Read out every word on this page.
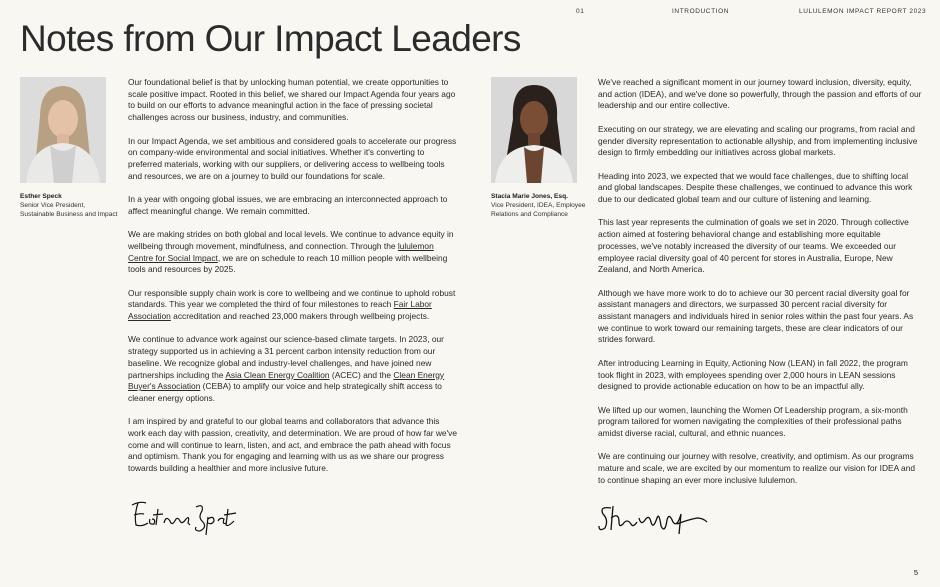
01	INTRODUCTION	LULULEMON IMPACT REPORT 2023
Notes from Our Impact Leaders
Esther Speck
Senior Vice President, Sustainable Business and Impact

Our foundational belief is that by unlocking human potential, we create opportunities to scale positive impact. Rooted in this belief, we shared our Impact Agenda four years ago to build on our efforts to advance meaningful action in the face of pressing societal challenges across our business, industry, and communities.

In our Impact Agenda, we set ambitious and considered goals to accelerate our progress on company-wide environmental and social initiatives. Whether it's converting to preferred materials, working with our suppliers, or delivering access to wellbeing tools and resources, we are on a journey to build our foundations for scale.

In a year with ongoing global issues, we are embracing an interconnected approach to affect meaningful change. We remain committed.

We are making strides on both global and local levels. We continue to advance equity in wellbeing through movement, mindfulness, and connection. Through the lululemon Centre for Social Impact, we are on schedule to reach 10 million people with wellbeing tools and resources by 2025.

Our responsible supply chain work is core to wellbeing and we continue to uphold robust standards. This year we completed the third of four milestones to reach Fair Labor Association accreditation and reached 23,000 makers through wellbeing projects.

We continue to advance work against our science-based climate targets. In 2023, our strategy supported us in achieving a 31 percent carbon intensity reduction from our baseline. We recognize global and industry-level challenges, and have joined new partnerships including the Asia Clean Energy Coalition (ACEC) and the Clean Energy Buyer's Association (CEBA) to amplify our voice and help strategically shift access to cleaner energy options.

I am inspired by and grateful to our global teams and collaborators that advance this work each day with passion, creativity, and determination. We are proud of how far we've come and will continue to learn, listen, and act, and embrace the path ahead with focus and optimism. Thank you for engaging and learning with us as we share our progress towards building a healthier and more inclusive future.

Stacia Marie Jones, Esq.
Vice President, IDEA, Employee Relations and Compliance

We've reached a significant moment in our journey toward inclusion, diversity, equity, and action (IDEA), and we've done so powerfully, through the passion and efforts of our leadership and our entire collective.

Executing on our strategy, we are elevating and scaling our programs, from racial and gender diversity representation to actionable allyship, and from implementing inclusive design to firmly embedding our initiatives across global markets.

Heading into 2023, we expected that we would face challenges, due to shifting local and global landscapes. Despite these challenges, we continued to advance this work due to our dedicated global team and our culture of listening and learning.

This last year represents the culmination of goals we set in 2020. Through collective action aimed at fostering behavioral change and establishing more equitable processes, we've notably increased the diversity of our teams. We exceeded our employee racial diversity goal of 40 percent for stores in Australia, Europe, New Zealand, and North America.

Although we have more work to do to achieve our 30 percent racial diversity goal for assistant managers and directors, we surpassed 30 percent racial diversity for assistant managers and individuals hired in senior roles within the past four years. As we continue to work toward our remaining targets, these are clear indicators of our strides forward.

After introducing Learning in Equity, Actioning Now (LEAN) in fall 2022, the program took flight in 2023, with employees spending over 2,000 hours in LEAN sessions designed to provide actionable education on how to be an impactful ally.

We lifted up our women, launching the Women Of Leadership program, a six-month program tailored for women navigating the complexities of their professional paths amidst diverse racial, cultural, and ethnic nuances.

We are continuing our journey with resolve, creativity, and optimism. As our programs mature and scale, we are excited by our momentum to realize our vision for IDEA and to continue shaping an ever more inclusive lululemon.

5
